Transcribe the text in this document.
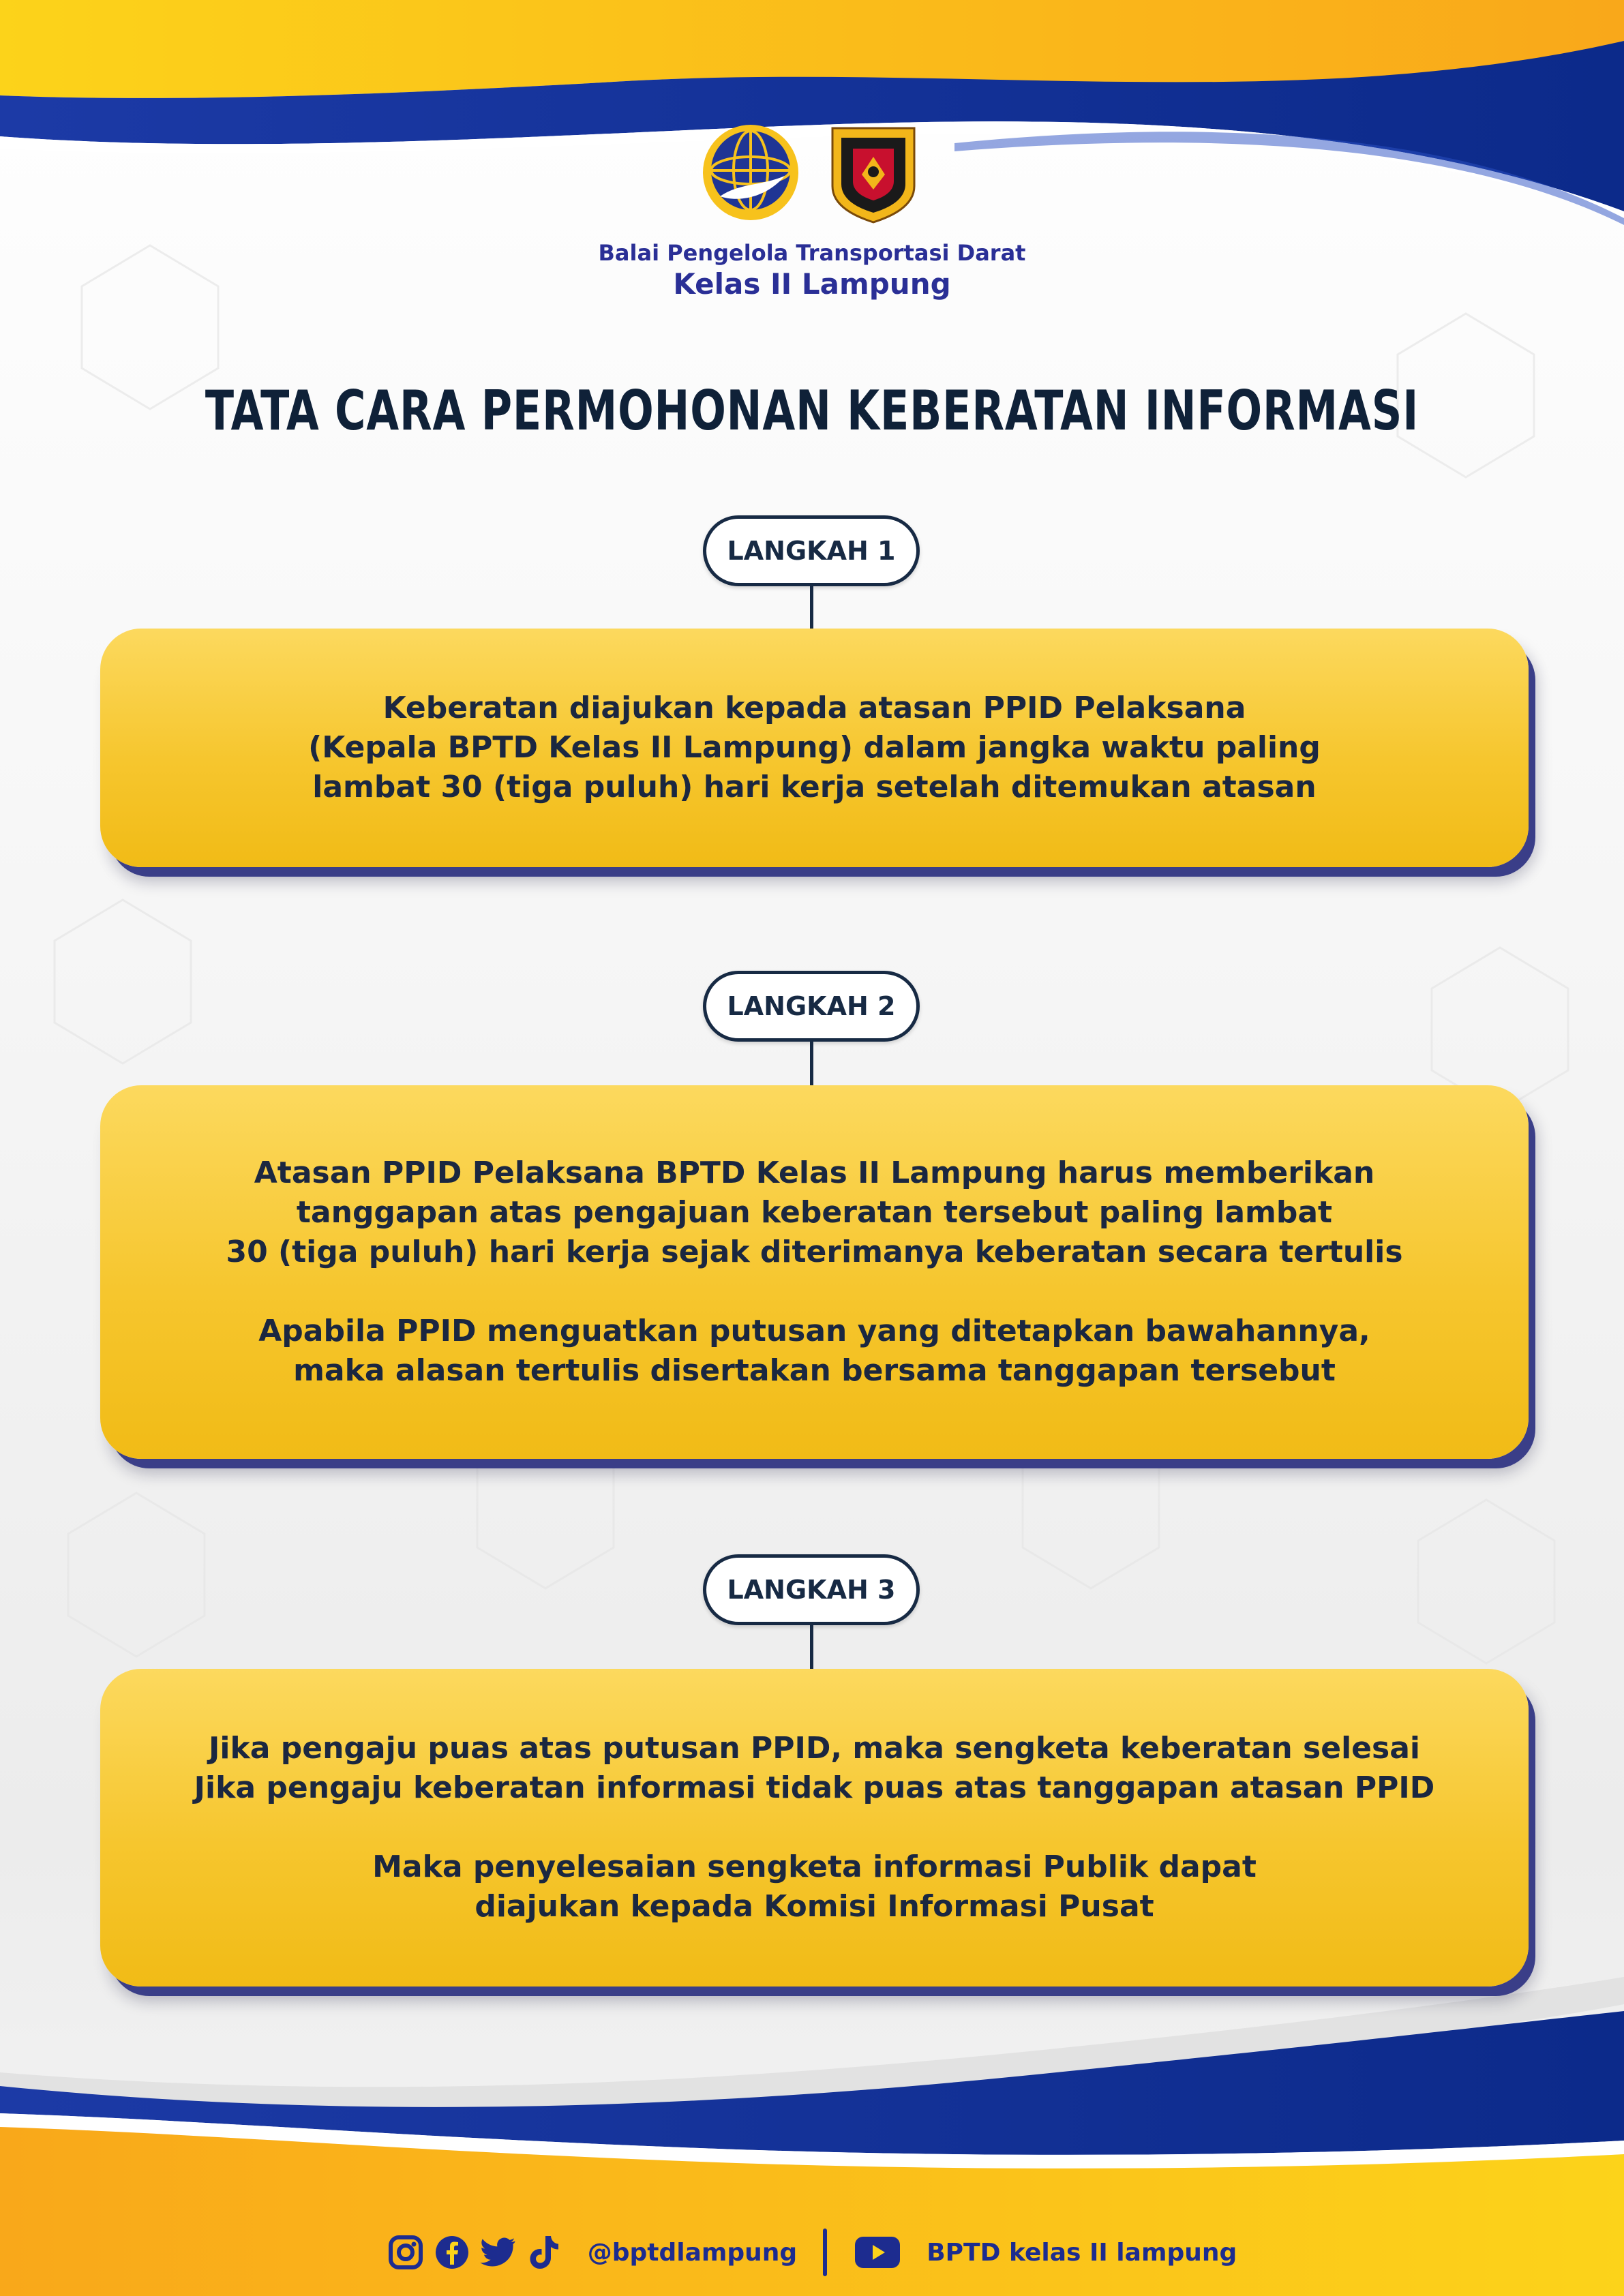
Balai Pengelola Transportasi Darat
Kelas II Lampung
TATA CARA PERMOHONAN KEBERATAN INFORMASI
LANGKAH 1

Keberatan diajukan kepada atasan PPID Pelaksana

(Kepala BPTD Kelas II Lampung) dalam jangka waktu paling

lambat 30 (tiga puluh) hari kerja setelah ditemukan atasan

LANGKAH 2

Atasan PPID Pelaksana BPTD Kelas II Lampung harus memberikan

tanggapan atas pengajuan keberatan tersebut paling lambat

30 (tiga puluh) hari kerja sejak diterimanya keberatan secara tertulis

Apabila PPID menguatkan putusan yang ditetapkan bawahannya,

maka alasan tertulis disertakan bersama tanggapan tersebut

LANGKAH 3

Jika pengaju puas atas putusan PPID, maka sengketa keberatan selesai

Jika pengaju keberatan informasi tidak puas atas tanggapan atasan PPID

Maka penyelesaian sengketa informasi Publik dapat

diajukan kepada Komisi Informasi Pusat

@bptdlampung	BPTD kelas II lampung
